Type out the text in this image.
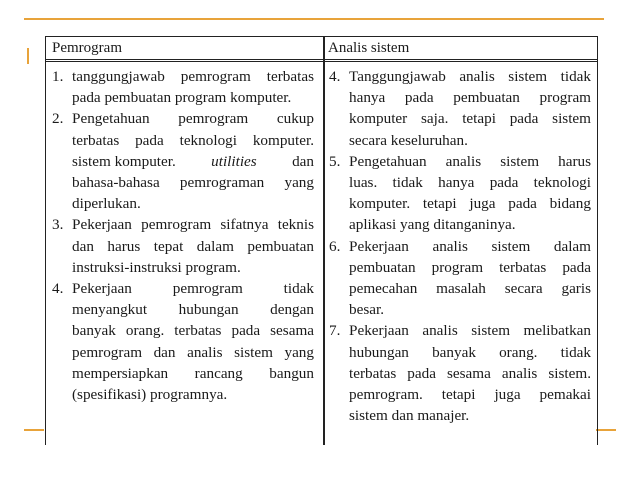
Pemrogram	Analis sistem
1. tanggungjawab pemrogram terbatas
pada pembuatan program komputer.
2. Pengetahuan pemrogram cukup
terbatas pada teknologi komputer.
sistem komputer. utilities dan
bahasa-bahasa pemrograman yang
diperlukan.
3. Pekerjaan pemrogram sifatnya teknis
dan harus tepat dalam pembuatan
instruksi-instruksi program.
4. Pekerjaan pemrogram tidak
menyangkut hubungan dengan
banyak orang. terbatas pada sesama
pemrogram dan analis sistem yang
mempersiapkan rancang bangun
(spesifikasi) programnya.
4. Tanggungjawab analis sistem tidak
hanya pada pembuatan program
komputer saja. tetapi pada sistem
secara keseluruhan.
5. Pengetahuan analis sistem harus
luas. tidak hanya pada teknologi
komputer. tetapi juga pada bidang
aplikasi yang ditanganinya.
6. Pekerjaan analis sistem dalam
pembuatan program terbatas pada
pemecahan masalah secara garis
besar.
7. Pekerjaan analis sistem melibatkan
hubungan banyak orang. tidak
terbatas pada sesama analis sistem.
pemrogram. tetapi juga pemakai
sistem dan manajer.
